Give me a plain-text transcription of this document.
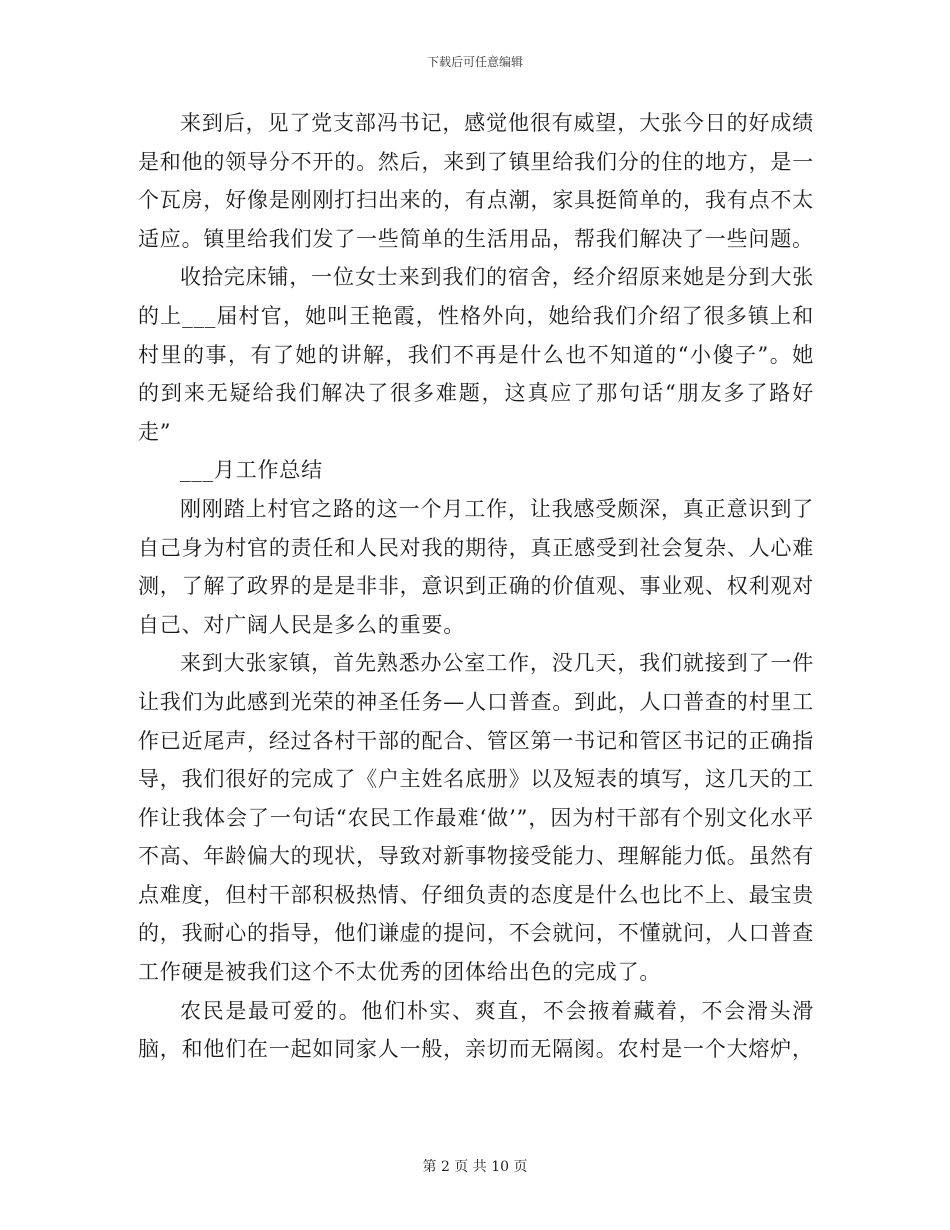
下载后可任意编辑

来到后，见了党支部冯书记，感觉他很有威望，大张今日的好成绩是和他的领导分不开的。然后，来到了镇里给我们分的住的地方，是一个瓦房，好像是刚刚打扫出来的，有点潮，家具挺简单的，我有点不太适应。镇里给我们发了一些简单的生活用品，帮我们解决了一些问题。

收拾完床铺，一位女士来到我们的宿舍，经介绍原来她是分到大张的上___届村官，她叫王艳霞，性格外向，她给我们介绍了很多镇上和村里的事，有了她的讲解，我们不再是什么也不知道的“小傻子”。她的到来无疑给我们解决了很多难题，这真应了那句话“朋友多了路好走”

___月工作总结

刚刚踏上村官之路的这一个月工作，让我感受颇深，真正意识到了自己身为村官的责任和人民对我的期待，真正感受到社会复杂、人心难测，了解了政界的是是非非，意识到正确的价值观、事业观、权利观对自己、对广阔人民是多么的重要。

来到大张家镇，首先熟悉办公室工作，没几天，我们就接到了一件让我们为此感到光荣的神圣任务—人口普查。到此，人口普查的村里工作已近尾声，经过各村干部的配合、管区第一书记和管区书记的正确指导，我们很好的完成了《户主姓名底册》以及短表的填写，这几天的工作让我体会了一句话“农民工作最难‘做’”，因为村干部有个别文化水平不高、年龄偏大的现状，导致对新事物接受能力、理解能力低。虽然有点难度，但村干部积极热情、仔细负责的态度是什么也比不上、最宝贵的，我耐心的指导，他们谦虚的提问，不会就问，不懂就问，人口普查工作硬是被我们这个不太优秀的团体给出色的完成了。

农民是最可爱的。他们朴实、爽直，不会掖着藏着，不会滑头滑脑，和他们在一起如同家人一般，亲切而无隔阂。农村是一个大熔炉，

第 2 页 共 10 页
